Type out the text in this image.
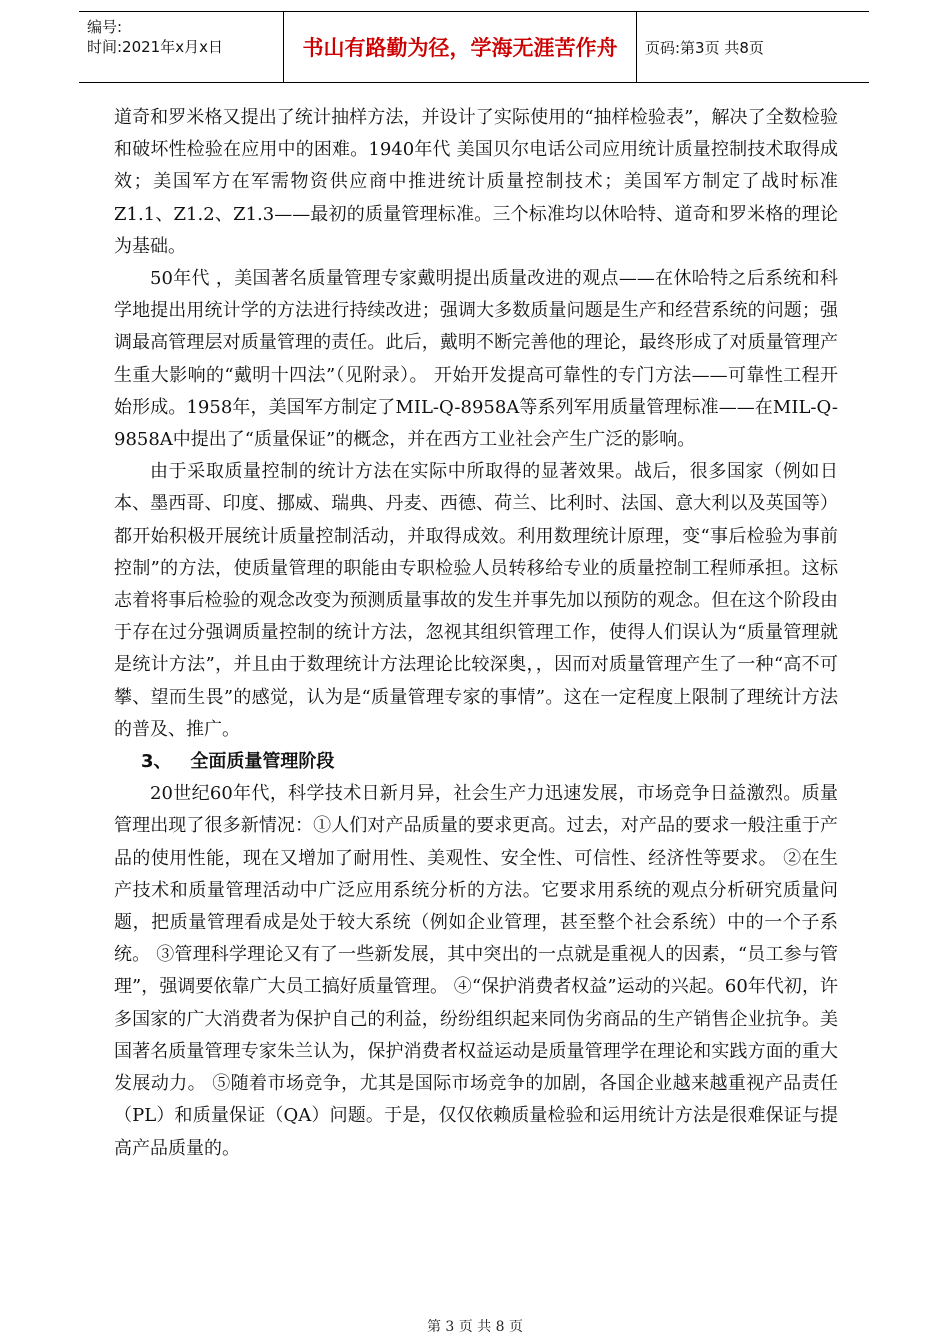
编号:
时间:2021年x月x日	书山有路勤为径，学海无涯苦作舟	页码:第3页 共8页

道奇和罗米格又提出了统计抽样方法，并设计了实际使用的“抽样检验表”，解决了全数检验和破坏性检验在应用中的困难。1940年代 美国贝尔电话公司应用统计质量控制技术取得成效；美国军方在军需物资供应商中推进统计质量控制技术；美国军方制定了战时标准Z1.1、Z1.2、Z1.3——最初的质量管理标准。三个标准均以休哈特、道奇和罗米格的理论为基础。

50年代 ，美国著名质量管理专家戴明提出质量改进的观点——在休哈特之后系统和科学地提出用统计学的方法进行持续改进；强调大多数质量问题是生产和经营系统的问题；强调最高管理层对质量管理的责任。此后，戴明不断完善他的理论，最终形成了对质量管理产生重大影响的“戴明十四法”（见附录）。 开始开发提高可靠性的专门方法——可靠性工程开始形成。1958年，美国军方制定了MIL-Q-8958A等系列军用质量管理标准——在MIL-Q-9858A中提出了“质量保证”的概念，并在西方工业社会产生广泛的影响。

由于采取质量控制的统计方法在实际中所取得的显著效果。战后，很多国家（例如日本、墨西哥、印度、挪威、瑞典、丹麦、西德、荷兰、比利时、法国、意大利以及英国等）都开始积极开展统计质量控制活动，并取得成效。利用数理统计原理，变“事后检验为事前控制”的方法，使质量管理的职能由专职检验人员转移给专业的质量控制工程师承担。这标志着将事后检验的观念改变为预测质量事故的发生并事先加以预防的观念。但在这个阶段由于存在过分强调质量控制的统计方法，忽视其组织管理工作，使得人们误认为“质量管理就是统计方法”，并且由于数理统计方法理论比较深奥，，因而对质量管理产生了一种“高不可攀、望而生畏”的感觉，认为是“质量管理专家的事情”。这在一定程度上限制了理统计方法的普及、推广。

3、   全面质量管理阶段

20世纪60年代，科学技术日新月异，社会生产力迅速发展，市场竞争日益激烈。质量管理出现了很多新情况：①人们对产品质量的要求更高。过去，对产品的要求一般注重于产品的使用性能，现在又增加了耐用性、美观性、安全性、可信性、经济性等要求。 ②在生产技术和质量管理活动中广泛应用系统分析的方法。它要求用系统的观点分析研究质量问题，把质量管理看成是处于较大系统（例如企业管理，甚至整个社会系统）中的一个子系统。 ③管理科学理论又有了一些新发展，其中突出的一点就是重视人的因素，“员工参与管理”，强调要依靠广大员工搞好质量管理。 ④“保护消费者权益”运动的兴起。60年代初，许多国家的广大消费者为保护自己的利益，纷纷组织起来同伪劣商品的生产销售企业抗争。美国著名质量管理专家朱兰认为，保护消费者权益运动是质量管理学在理论和实践方面的重大发展动力。 ⑤随着市场竞争，尤其是国际市场竞争的加剧，各国企业越来越重视产品责任（PL）和质量保证（QA）问题。于是，仅仅依赖质量检验和运用统计方法是很难保证与提高产品质量的。

第 3 页 共 8 页
